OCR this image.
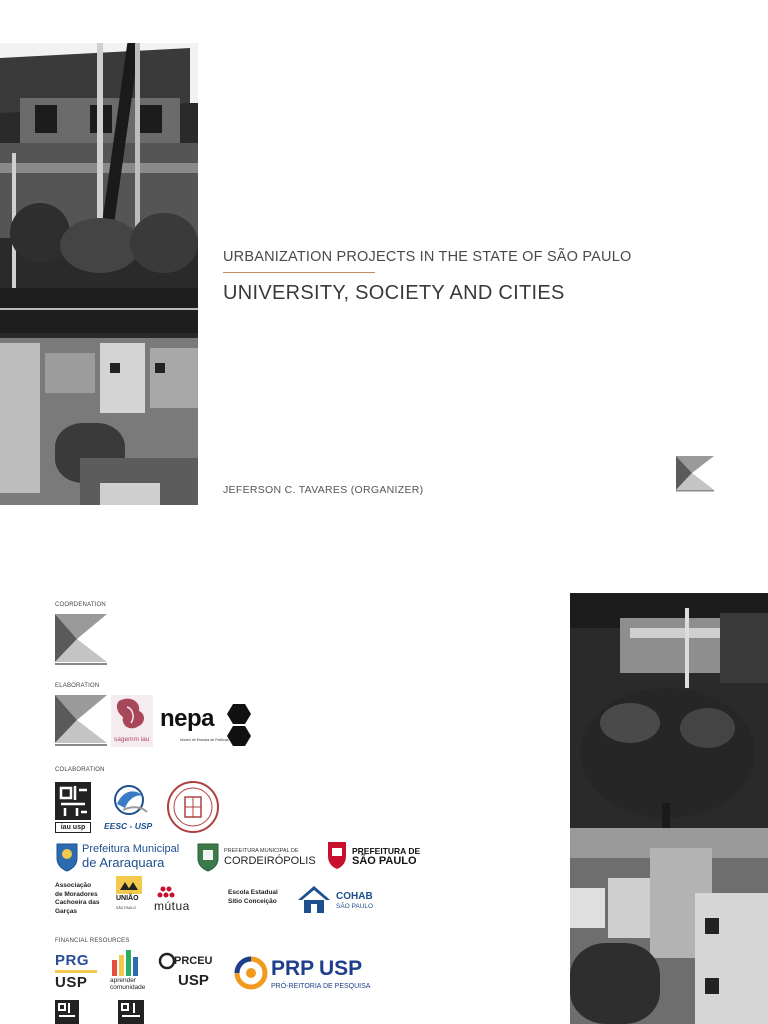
URBANIZATION PROJECTS IN THE STATE OF SÃO PAULO
UNIVERSITY, SOCIETY AND CITIES
JEFERSON C. TAVARES (ORGANIZER)
COORDENATION
ELABORATION
sagemm iau
nepa
Núcleo de Estudos de Políticas
COLABORATION
iau usp	EESC - USP
Prefeitura Municipal
de Araraquara
PREFEITURA MUNICIPAL DE
CORDEIRÓPOLIS
PREFEITURA DE
SÃO PAULO
Associação
de Moradores
Cachoeira das
Garças
UNIÃO
SÃO PAULO mútua
Escola Estadual
Sítio Conceição	COHAB
SÃO PAULO
FINANCIAL RESOURCES
PRG
USP	aprender
comunidade
PRCEU
USP
PRP USP
PRÓ-REITORIA DE PESQUISA
